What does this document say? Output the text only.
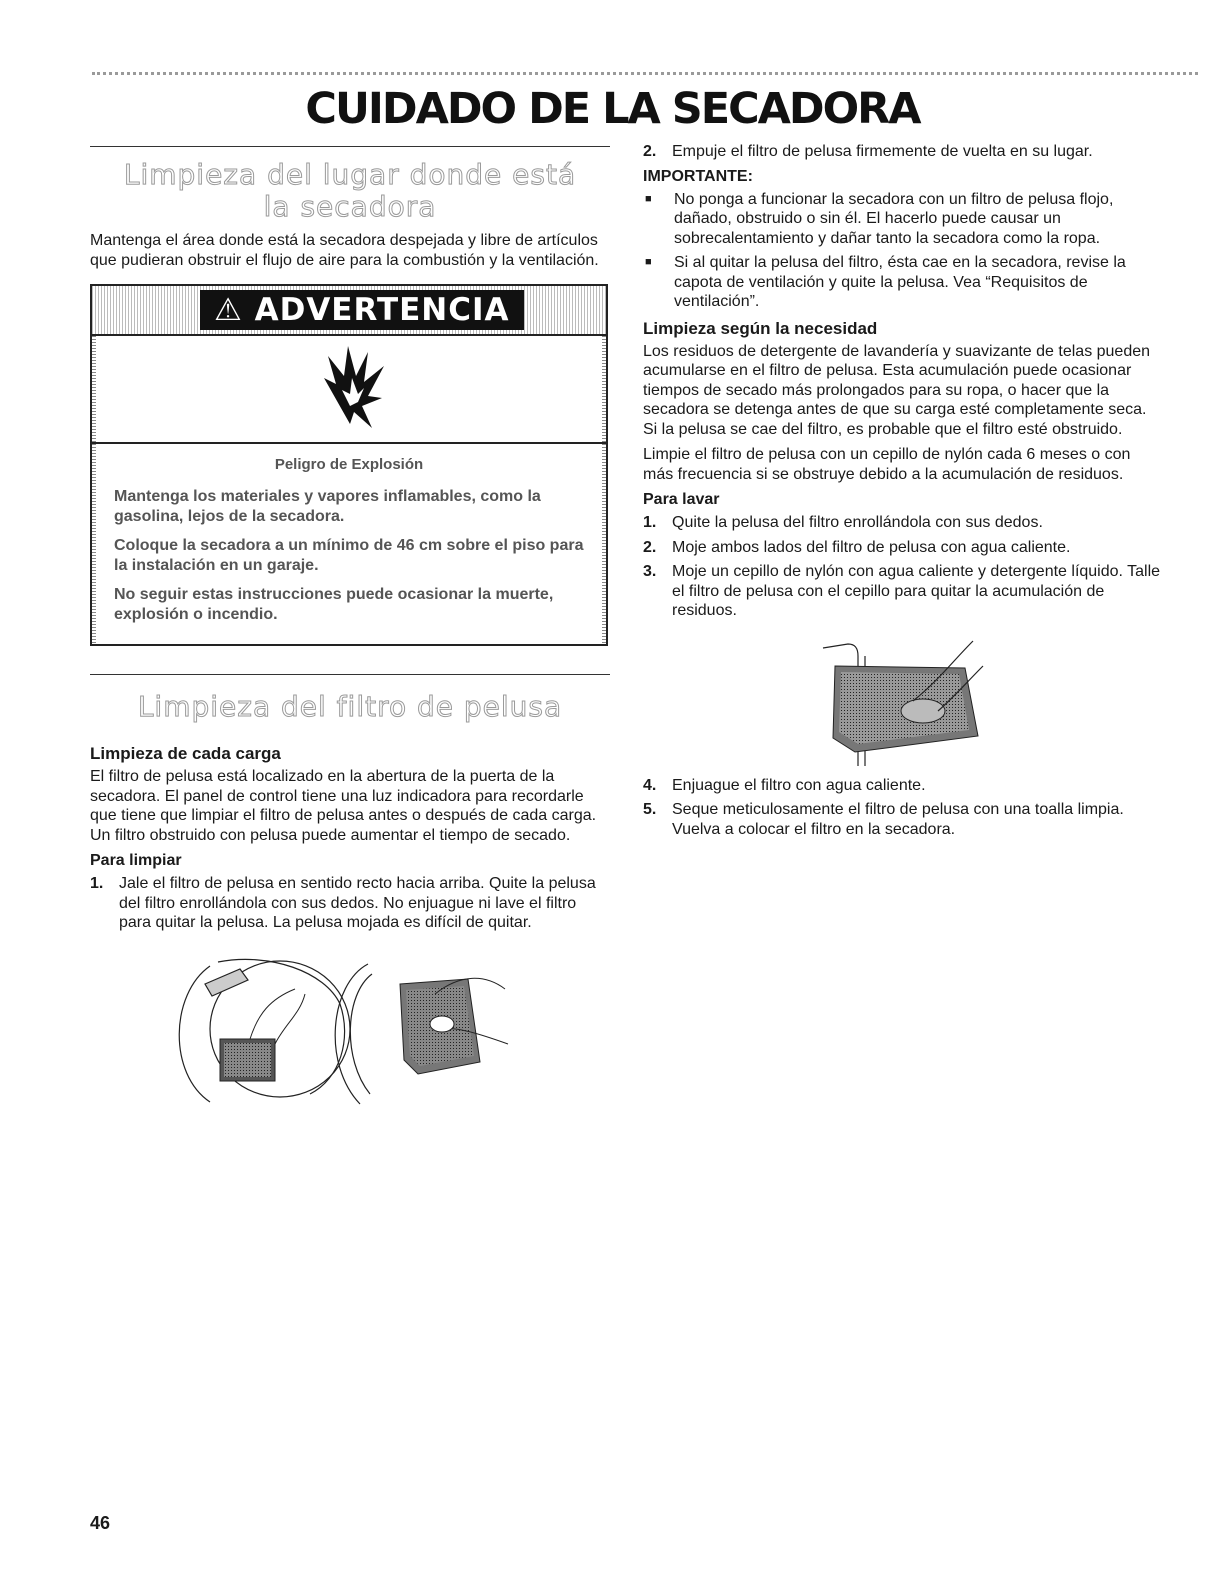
CUIDADO DE LA SECADORA
Limpieza del lugar donde está
la secadora

Mantenga el área donde está la secadora despejada y libre de artículos que pudieran obstruir el flujo de aire para la combustión y la ventilación.

⚠ ADVERTENCIA
Peligro de Explosión

Mantenga los materiales y vapores inflamables, como la gasolina, lejos de la secadora.

Coloque la secadora a un mínimo de 46 cm sobre el piso para la instalación en un garaje.

No seguir estas instrucciones puede ocasionar la muerte, explosión o incendio.

Limpieza del filtro de pelusa
Limpieza de cada carga

El filtro de pelusa está localizado en la abertura de la puerta de la secadora. El panel de control tiene una luz indicadora para recordarle que tiene que limpiar el filtro de pelusa antes o después de cada carga. Un filtro obstruido con pelusa puede aumentar el tiempo de secado.

Para limpiar
1. Jale el filtro de pelusa en sentido recto hacia arriba. Quite la pelusa del filtro enrollándola con sus dedos. No enjuague ni lave el filtro para quitar la pelusa. La pelusa mojada es difícil de quitar.
2. Empuje el filtro de pelusa firmemente de vuelta en su lugar.
IMPORTANTE:
■	No ponga a funcionar la secadora con un filtro de pelusa flojo, dañado, obstruido o sin él. El hacerlo puede causar un sobrecalentamiento y dañar tanto la secadora como la ropa.
■	Si al quitar la pelusa del filtro, ésta cae en la secadora, revise la capota de ventilación y quite la pelusa. Vea “Requisitos de ventilación”.
Limpieza según la necesidad

Los residuos de detergente de lavandería y suavizante de telas pueden acumularse en el filtro de pelusa. Esta acumulación puede ocasionar tiempos de secado más prolongados para su ropa, o hacer que la secadora se detenga antes de que su carga esté completamente seca. Si la pelusa se cae del filtro, es probable que el filtro esté obstruido.

Limpie el filtro de pelusa con un cepillo de nylón cada 6 meses o con más frecuencia si se obstruye debido a la acumulación de residuos.

Para lavar
1. Quite la pelusa del filtro enrollándola con sus dedos.
2. Moje ambos lados del filtro de pelusa con agua caliente.
3. Moje un cepillo de nylón con agua caliente y detergente líquido. Talle el filtro de pelusa con el cepillo para quitar la acumulación de residuos.
4. Enjuague el filtro con agua caliente.
5. Seque meticulosamente el filtro de pelusa con una toalla limpia. Vuelva a colocar el filtro en la secadora.
46
